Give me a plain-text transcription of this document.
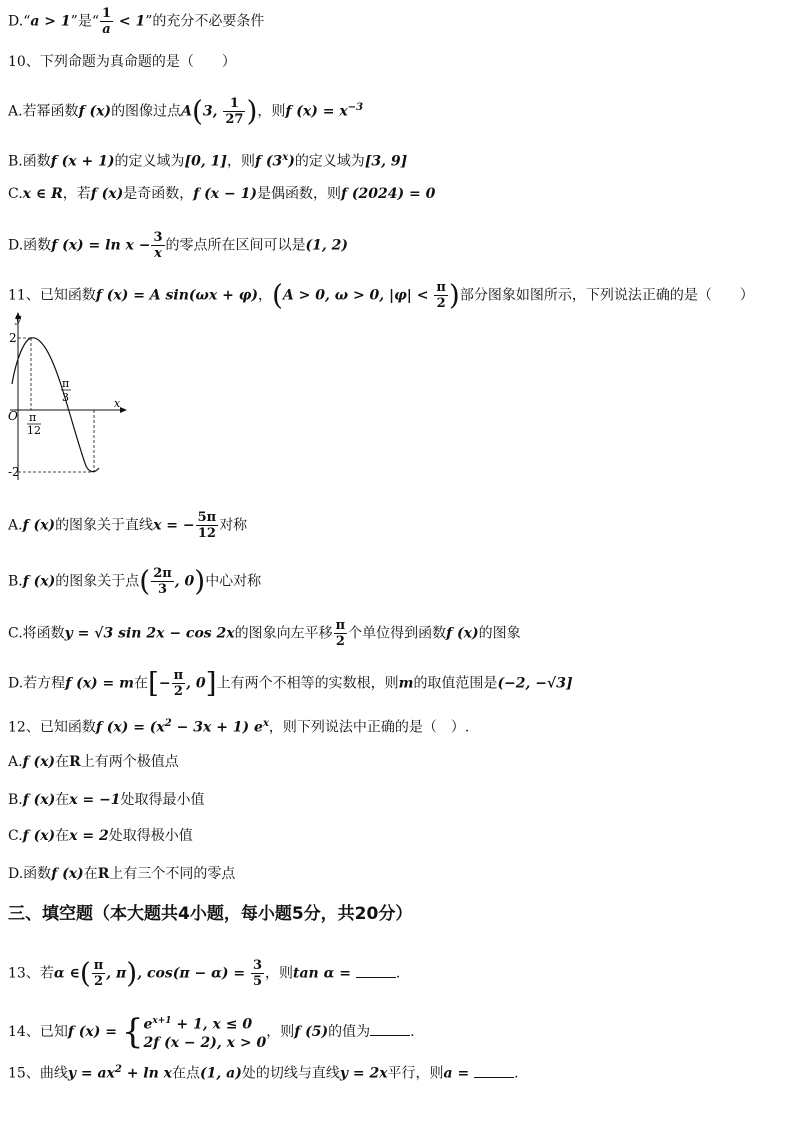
D.“a > 1”是“ $\frac{1}{a} < 1$”的充分不必要条件
10、下列命题为真命题的是（　　）
A.若幂函数f (x)的图像过点A(3, $\frac{1}{27}$ )，则f $(x) = x^{-3}$
B.函数f (x + 1)的定义域为[0, 1]，则f (3$^x$)的定义域为[3, 9]
C.x ∈ R，若f (x)是奇函数，f (x − 1)是偶函数，则f (2024) = 0
D.函数f $(x) = \ln x - \frac{3}{x}$ 的零点所在区间可以是(1, 2)
11、已知函数f (x) = A sin(ωx + φ)，(A > 0, ω > 0, $|\varphi| < \frac{\pi}{2}$ )部分图象如图所示，下列说法正确的是（　　）
y
x
O
2
-2
π
12
π
3
A.f (x)的图象关于直线x = − $\frac{5\pi}{12}$ 对称
B.f (x)的图象关于点( $\frac{2\pi}{3}$ , 0)中心对称
C.将函数y = √3 sin 2x − cos 2x的图象向左平移 $\frac{\pi}{2}$ 个单位得到函数f (x)的图象
D.若方程f (x) = m在[− $\frac{\pi}{2}$ , 0]上有两个不相等的实数根，则m的取值范围是(−2, −√3]
12、已知函数f $(x) = (x^2 - 3x + 1)$ $e^x$，则下列说法中正确的是（　）.
A.f (x)在R上有两个极值点
B.f (x)在x = −1处取得最小值
C.f (x)在x = 2处取得极小值
D.函数f (x)在R上有三个不同的零点
三、填空题（本大题共4小题，每小题5分，共20分）
13、若α ∈( $\frac{\pi}{2}$ , π), $\cos(\pi - \alpha) = \frac{3}{5}$ ，则tan α =	.
14、已知f (x) = { $e^{x+1} + 1$, x ≤ 0
2f (x − 2), x > 0
，则f (5)的值为	.
15、曲线$y = ax^2 + \ln x$在点(1, a)处的切线与直线y = 2x平行，则a =	.
